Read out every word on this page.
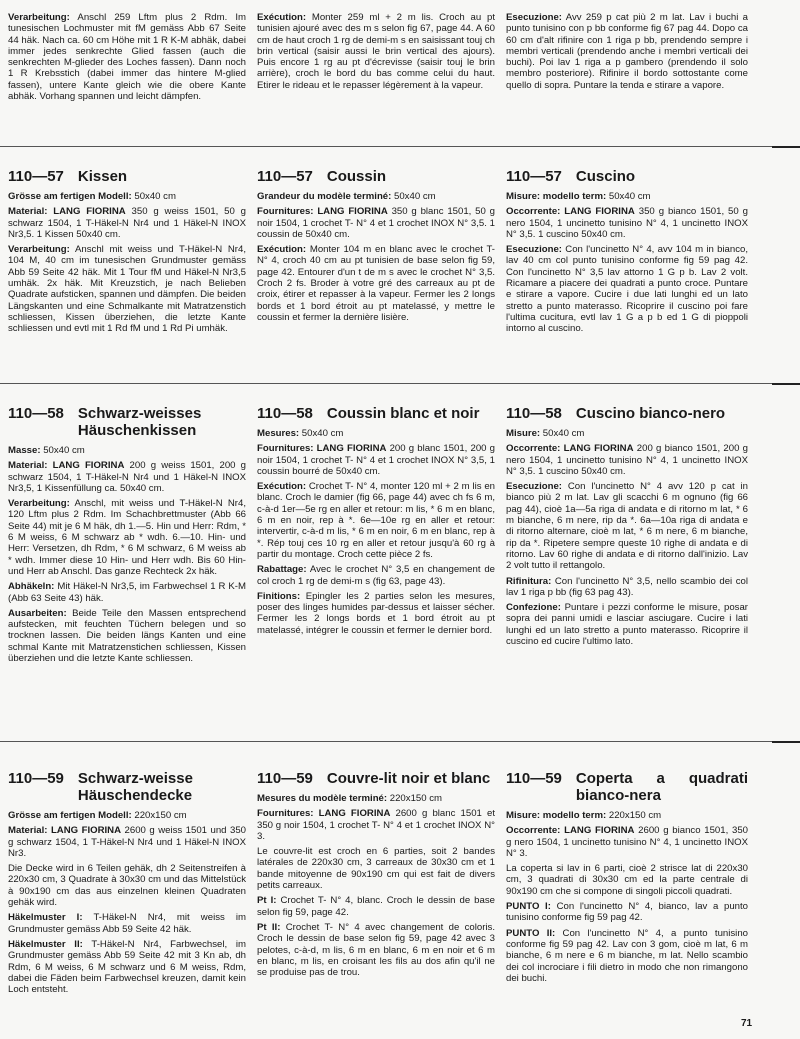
Verarbeitung: Anschl 259 Lftm plus 2 Rdm. Im tunesischen Lochmuster mit fM gemäss Abb 67 Seite 44 häk. Nach ca. 60 cm Höhe mit 1 R K-M abhäk, dabei immer jedes senkrechte Glied fassen (auch die senkrechten M-glieder des Loches fassen). Dann noch 1 R Krebsstich (dabei immer das hintere M-glied fassen), untere Kante gleich wie die obere Kante abhäk. Vorhang spannen und leicht dämpfen.

Exécution: Monter 259 ml + 2 m lis. Croch au pt tunisien ajouré avec des m s selon fig 67, page 44. A 60 cm de haut croch 1 rg de demi-m s en saisissant touj ch brin vertical (saisir aussi le brin vertical des ajours). Puis encore 1 rg au pt d'écrevisse (saisir touj le brin arrière), croch le bord du bas comme celui du haut. Etirer le rideau et le repasser légèrement à la vapeur.

Esecuzione: Avv 259 p cat più 2 m lat. Lav i buchi a punto tunisino con p bb conforme fig 67 pag 44. Dopo ca 60 cm d'alt rifinire con 1 riga p bb, prendendo sempre i membri verticali (prendendo anche i membri verticali dei buchi). Poi lav 1 riga a p gambero (prendendo il solo membro posteriore). Rifinire il bordo sottostante come quello di sopra. Puntare la tenda e stirare a vapore.

110—57 Kissen

Grösse am fertigen Modell: 50x40 cm

Material: LANG FIORINA 350 g weiss 1501, 50 g schwarz 1504, 1 T-Häkel-N Nr4 und 1 Häkel-N INOX Nr3,5. 1 Kissen 50x40 cm.

Verarbeitung: Anschl mit weiss und T-Häkel-N Nr4, 104 M, 40 cm im tunesischen Grundmuster gemäss Abb 59 Seite 42 häk. Mit 1 Tour fM und Häkel-N Nr3,5 umhäk. 2x häk. Mit Kreuzstich, je nach Belieben Quadrate aufsticken, spannen und dämpfen. Die beiden Längskanten und eine Schmalkante mit Matratzenstich schliessen, Kissen überziehen, die letzte Kante schliessen und evtl mit 1 Rd fM und 1 Rd Pi umhäk.

110—57 Coussin

Grandeur du modèle terminé: 50x40 cm

Fournitures: LANG FIORINA 350 g blanc 1501, 50 g noir 1504, 1 crochet T- N° 4 et 1 crochet INOX N° 3,5. 1 coussin de 50x40 cm.

Exécution: Monter 104 m en blanc avec le crochet T- N° 4, croch 40 cm au pt tunisien de base selon fig 59, page 42. Entourer d'un t de m s avec le crochet N° 3,5. Croch 2 fs. Broder à votre gré des carreaux au pt de croix, étirer et repasser à la vapeur. Fermer les 2 longs bords et 1 bord étroit au pt matelassé, y mettre le coussin et fermer la dernière lisière.

110—57 Cuscino

Misure: modello term: 50x40 cm

Occorrente: LANG FIORINA 350 g bianco 1501, 50 g nero 1504, 1 uncinetto tunisino N° 4, 1 uncinetto INOX N° 3,5. 1 cuscino 50x40 cm.

Esecuzione: Con l'uncinetto N° 4, avv 104 m in bianco, lav 40 cm col punto tunisino conforme fig 59 pag 42. Con l'uncinetto N° 3,5 lav attorno 1 G p b. Lav 2 volt. Ricamare a piacere dei quadrati a punto croce. Puntare e stirare a vapore. Cucire i due lati lunghi ed un lato stretto a punto materasso. Ricoprire il cuscino poi fare l'ultima cucitura, evtl lav 1 G a p b ed 1 G di pioppoli intorno al cuscino.

110—58 Schwarz-weisses Häuschenkissen

Masse: 50x40 cm

Material: LANG FIORINA 200 g weiss 1501, 200 g schwarz 1504, 1 T-Häkel-N Nr4 und 1 Häkel-N INOX Nr3,5, 1 Kissenfüllung ca. 50x40 cm.

Verarbeitung: Anschl, mit weiss und T-Häkel-N Nr4, 120 Lftm plus 2 Rdm. Im Schachbrettmuster (Abb 66 Seite 44) mit je 6 M häk, dh 1.—5. Hin und Herr: Rdm, * 6 M weiss, 6 M schwarz ab * wdh. 6.—10. Hin- und Herr: Versetzen, dh Rdm, * 6 M schwarz, 6 M weiss ab * wdh. Immer diese 10 Hin- und Herr wdh. Bis 60 Hin- und Herr ab Anschl. Das ganze Rechteck 2x häk.

Abhäkeln: Mit Häkel-N Nr3,5, im Farbwechsel 1 R K-M (Abb 63 Seite 43) häk.

Ausarbeiten: Beide Teile den Massen entsprechend aufstecken, mit feuchten Tüchern belegen und so trocknen lassen. Die beiden längs Kanten und eine schmal Kante mit Matratzenstichen schliessen, Kissen überziehen und die letzte Kante schliessen.

110—58 Coussin blanc et noir

Mesures: 50x40 cm

Fournitures: LANG FIORINA 200 g blanc 1501, 200 g noir 1504, 1 crochet T- N° 4 et 1 crochet INOX N° 3,5, 1 coussin bourré de 50x40 cm.

Exécution: Crochet T- N° 4, monter 120 ml + 2 m lis en blanc. Croch le damier (fig 66, page 44) avec ch fs 6 m, c-à-d 1er—5e rg en aller et retour: m lis, * 6 m en blanc, 6 m en noir, rep à *. 6e—10e rg en aller et retour: intervertir, c-à-d m lis, * 6 m en noir, 6 m en blanc, rep à *. Rép touj ces 10 rg en aller et retour jusqu'à 60 rg à partir du montage. Croch cette pièce 2 fs.

Rabattage: Avec le crochet N° 3,5 en changement de col croch 1 rg de demi-m s (fig 63, page 43).

Finitions: Epingler les 2 parties selon les mesures, poser des linges humides par-dessus et laisser sécher. Fermer les 2 longs bords et 1 bord étroit au pt matelassé, intégrer le coussin et fermer le dernier bord.

110—58 Cuscino bianco-nero

Misure: 50x40 cm

Occorrente: LANG FIORINA 200 g bianco 1501, 200 g nero 1504, 1 uncinetto tunisino N° 4, 1 uncinetto INOX N° 3,5. 1 cuscino 50x40 cm.

Esecuzione: Con l'uncinetto N° 4 avv 120 p cat in bianco più 2 m lat. Lav gli scacchi 6 m ognuno (fig 66 pag 44), cioè 1a—5a riga di andata e di ritorno m lat, * 6 m bianche, 6 m nere, rip da *. 6a—10a riga di andata e di ritorno alternare, cioè m lat, * 6 m nere, 6 m bianche, rip da *. Ripetere sempre queste 10 righe di andata e di ritorno. Lav 60 righe di andata e di ritorno dall'inizio. Lav 2 volt tutto il rettangolo.

Rifinitura: Con l'uncinetto N° 3,5, nello scambio dei col lav 1 riga p bb (fig 63 pag 43).

Confezione: Puntare i pezzi conforme le misure, posar sopra dei panni umidi e lasciar asciugare. Cucire i lati lunghi ed un lato stretto a punto materasso. Ricoprire il cuscino ed cucire l'ultimo lato.

110—59 Schwarz-weisse Häuschendecke

Grösse am fertigen Modell: 220x150 cm

Material: LANG FIORINA 2600 g weiss 1501 und 350 g schwarz 1504, 1 T-Häkel-N Nr4 und 1 Häkel-N INOX Nr3.

Die Decke wird in 6 Teilen gehäk, dh 2 Seitenstreifen à 220x30 cm, 3 Quadrate à 30x30 cm und das Mittelstück à 90x190 cm das aus einzelnen kleinen Quadraten gehäk wird.

Häkelmuster I: T-Häkel-N Nr4, mit weiss im Grundmuster gemäss Abb 59 Seite 42 häk.

Häkelmuster II: T-Häkel-N Nr4, Farbwechsel, im Grundmuster gemäss Abb 59 Seite 42 mit 3 Kn ab, dh Rdm, 6 M weiss, 6 M schwarz und 6 M weiss, Rdm, dabei die Fäden beim Farbwechsel kreuzen, damit kein Loch entsteht.

110—59 Couvre-lit noir et blanc

Mesures du modèle terminé: 220x150 cm

Fournitures: LANG FIORINA 2600 g blanc 1501 et 350 g noir 1504, 1 crochet T- N° 4 et 1 crochet INOX N° 3.

Le couvre-lit est croch en 6 parties, soit 2 bandes latérales de 220x30 cm, 3 carreaux de 30x30 cm et 1 bande mitoyenne de 90x190 cm qui est fait de divers petits carreaux.

Pt I: Crochet T- N° 4, blanc. Croch le dessin de base selon fig 59, page 42.

Pt II: Crochet T- N° 4 avec changement de coloris. Croch le dessin de base selon fig 59, page 42 avec 3 pelotes, c-à-d, m lis, 6 m en blanc, 6 m en noir et 6 m en blanc, m lis, en croisant les fils au dos afin qu'il ne se produise pas de trou.

110—59 Coperta a quadrati bianco-nera

Misure: modello term: 220x150 cm

Occorrente: LANG FIORINA 2600 g bianco 1501, 350 g nero 1504, 1 uncinetto tunisino N° 4, 1 uncinetto INOX N° 3.

La coperta si lav in 6 parti, cioè 2 strisce lat di 220x30 cm, 3 quadrati di 30x30 cm ed la parte centrale di 90x190 cm che si compone di singoli piccoli quadrati.

PUNTO I: Con l'uncinetto N° 4, bianco, lav a punto tunisino conforme fig 59 pag 42.

PUNTO II: Con l'uncinetto N° 4, a punto tunisino conforme fig 59 pag 42. Lav con 3 gom, cioè m lat, 6 m bianche, 6 m nere e 6 m bianche, m lat. Nello scambio dei col incrociare i fili dietro in modo che non rimangono dei buchi.

71
